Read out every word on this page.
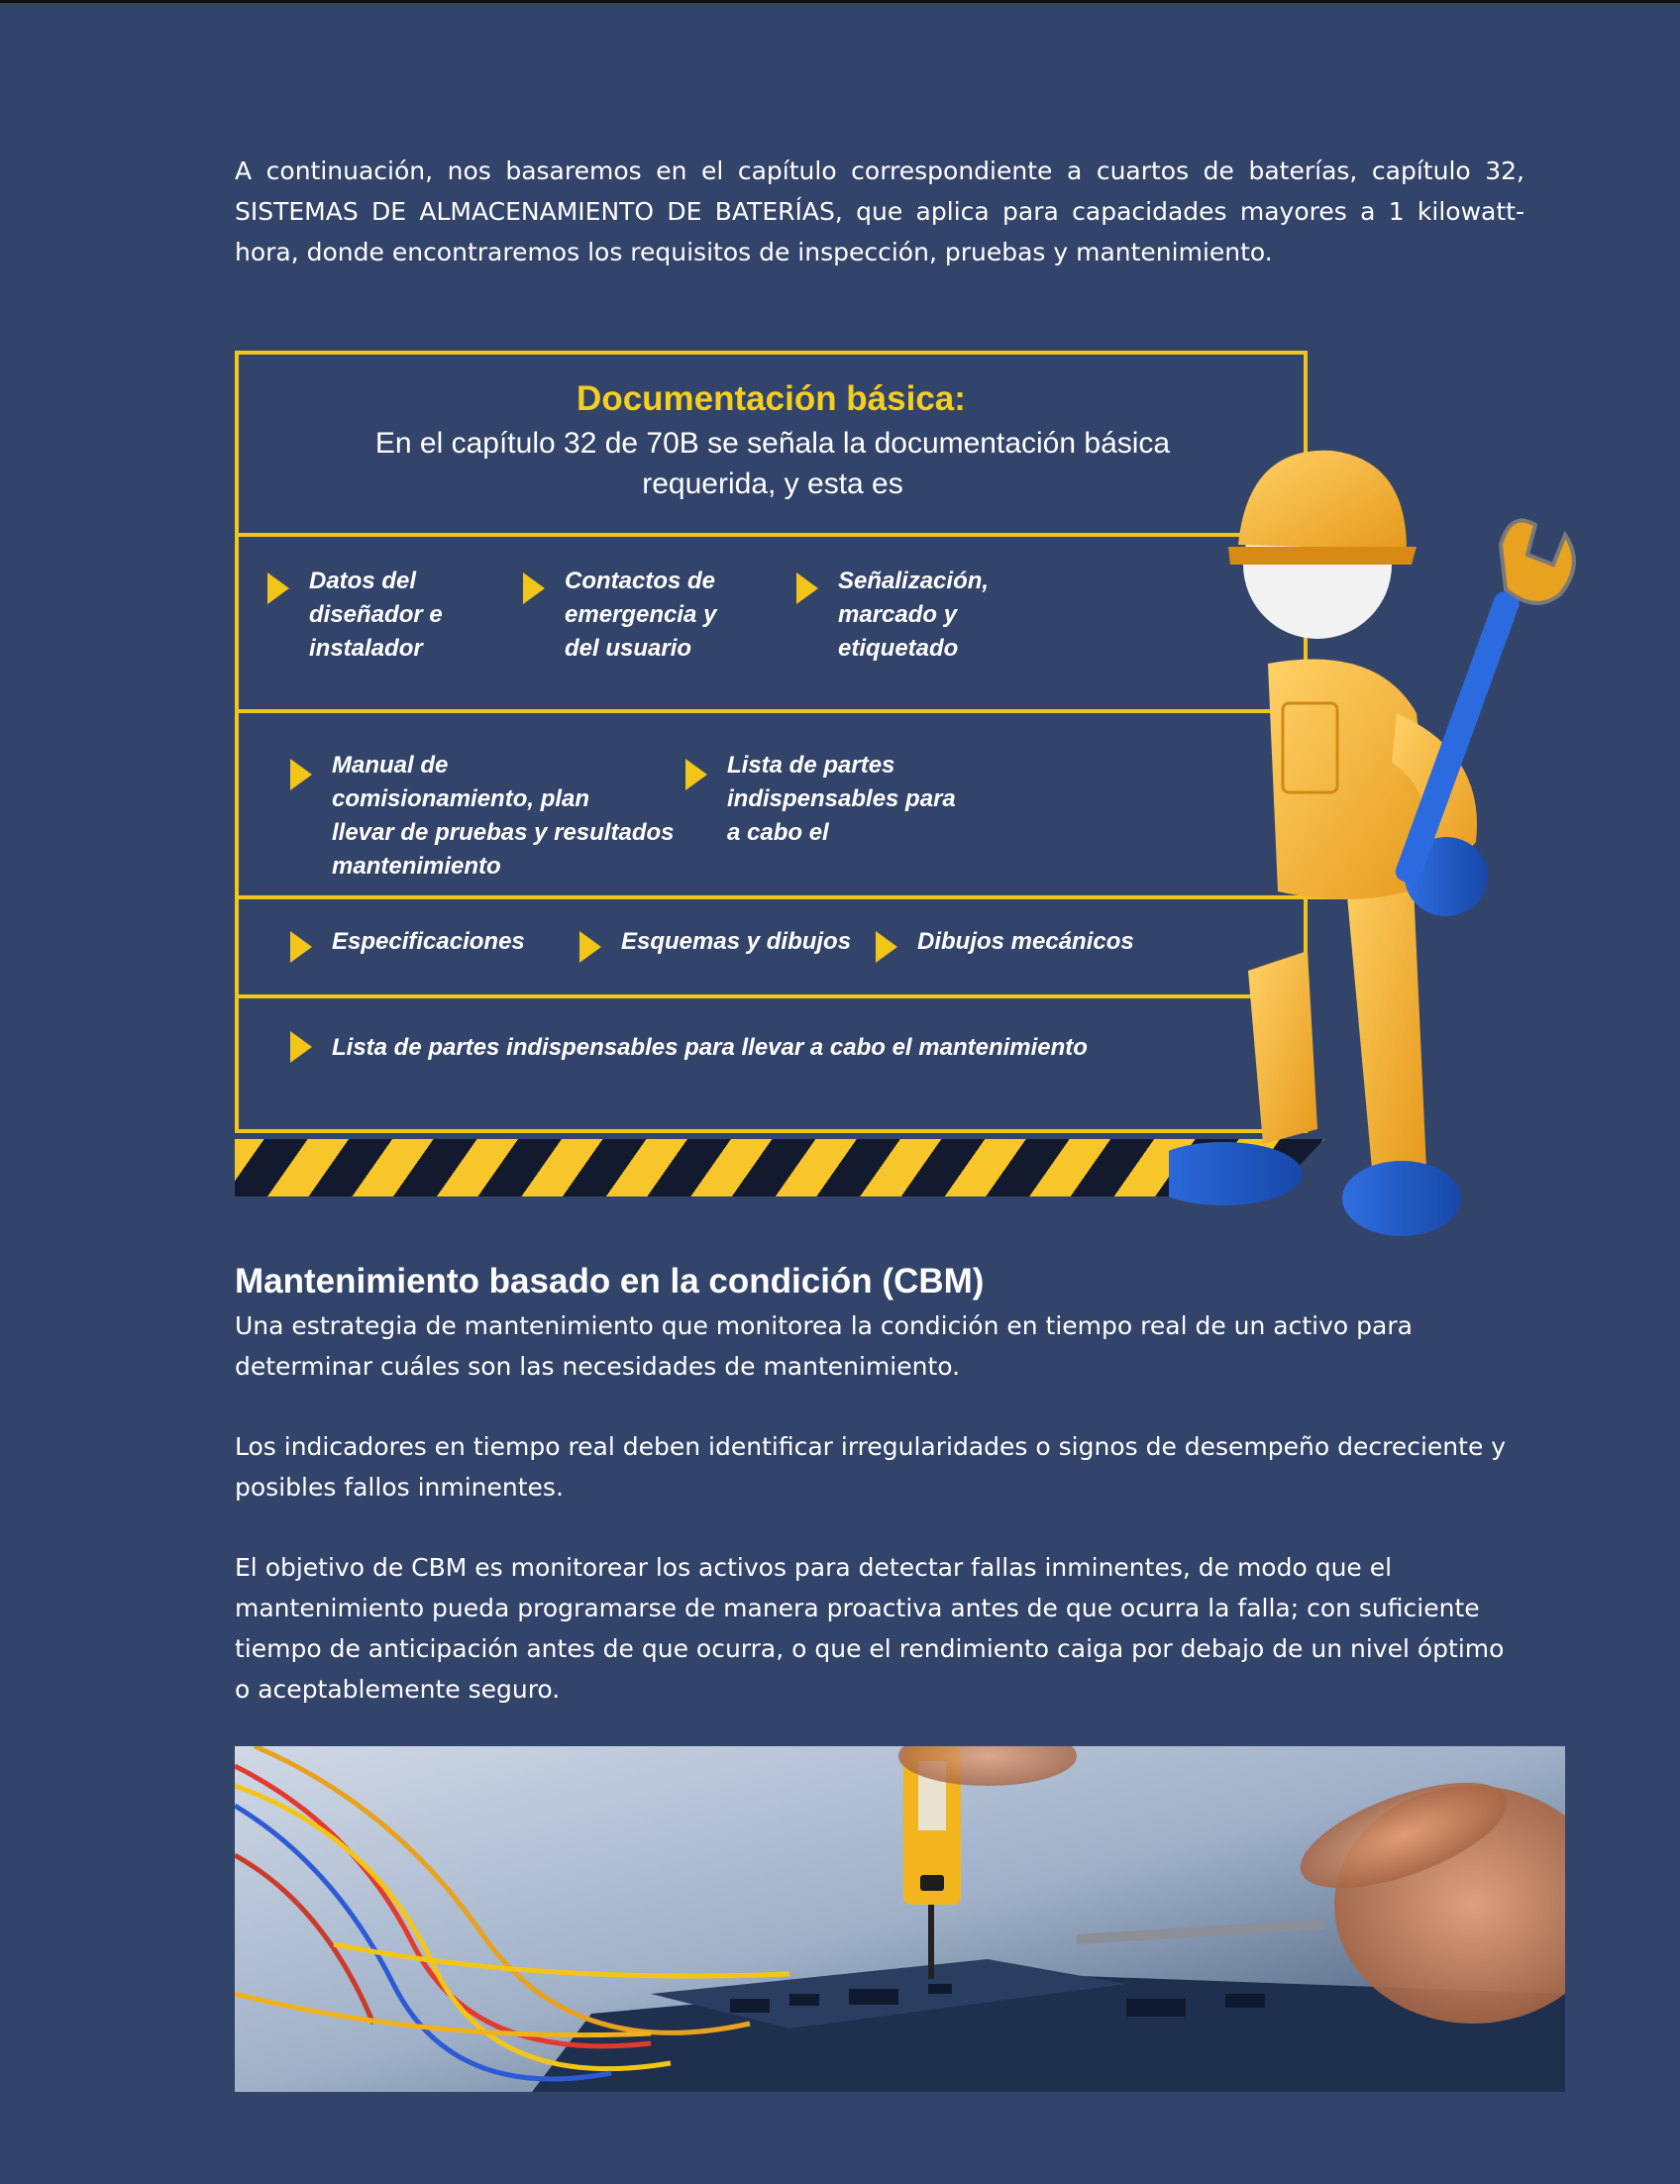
A continuación, nos basaremos en el capítulo correspondiente a cuartos de baterías, capítulo 32, SISTEMAS DE ALMACENAMIENTO DE BATERÍAS, que aplica para capacidades mayores a 1 kilowatt-hora, donde encontraremos los requisitos de inspección, pruebas y mantenimiento.

Documentación básica:

En el capítulo 32 de 70B se señala la documentación básica requerida, y esta es

Datos del
diseñador e
instalador
Contactos de
emergencia y
del usuario
Señalización,
marcado y
etiquetado
Manual de
comisionamiento, plan
llevar de pruebas y resultados
mantenimiento
Lista de partes
indispensables para
a cabo el
Especificaciones	Esquemas y dibujos	Dibujos mecánicos
Lista de partes indispensables para llevar a cabo el mantenimiento
Mantenimiento basado en la condición (CBM)

Una estrategia de mantenimiento que monitorea la condición en tiempo real de un activo para determinar cuáles son las necesidades de mantenimiento.

Los indicadores en tiempo real deben identificar irregularidades o signos de desempeño decreciente y posibles fallos inminentes.

El objetivo de CBM es monitorear los activos para detectar fallas inminentes, de modo que el mantenimiento pueda programarse de manera proactiva antes de que ocurra la falla; con suficiente tiempo de anticipación antes de que ocurra, o que el rendimiento caiga por debajo de un nivel óptimo o aceptablemente seguro.
